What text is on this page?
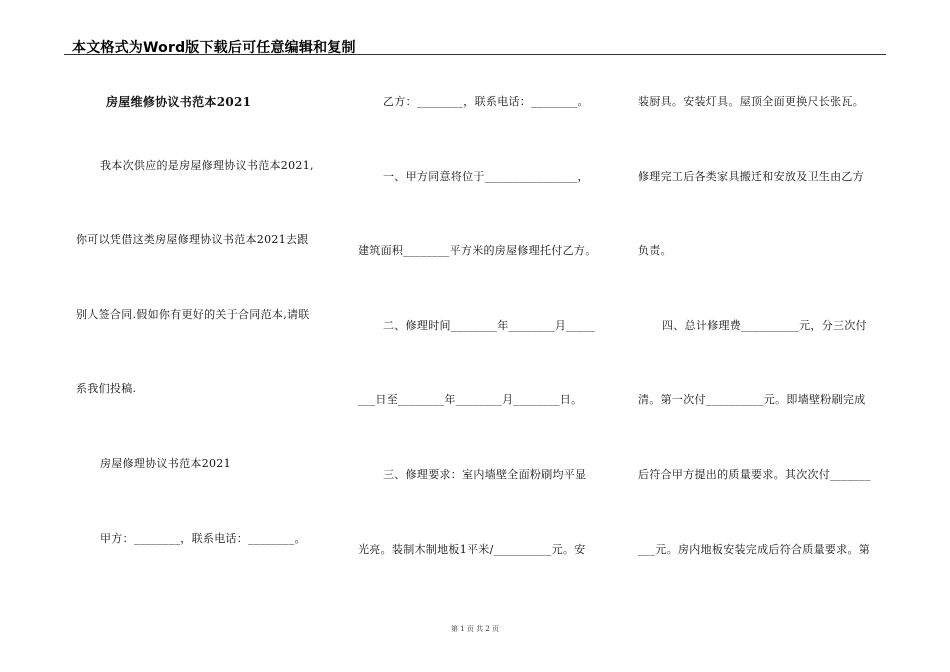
本文格式为Word版下载后可任意编辑和复制
房屋维修协议书范本2021
我本次供应的是房屋修理协议书范本2021,
你可以凭借这类房屋修理协议书范本2021去跟
别人签合同.假如你有更好的关于合同范本,请联
系我们投稿.
房屋修理协议书范本2021
甲方：________，联系电话：________。
乙方：________，联系电话：________。
一、甲方同意将位于________________，
建筑面积________平方米的房屋修理托付乙方。
二、修理时间________年________月_____
___日至________年________月________日。
三、修理要求：室内墙壁全面粉刷均平显
光亮。装制木制地板1平米/__________元。安
装厨具。安装灯具。屋顶全面更换尺长张瓦。
修理完工后各类家具搬迁和安放及卫生由乙方
负责。
四、总计修理费__________元，分三次付
清。第一次付__________元。即墙壁粉刷完成
后符合甲方提出的质量要求。其次次付_______
___元。房内地板安装完成后符合质量要求。第
第 1 页 共 2 页
